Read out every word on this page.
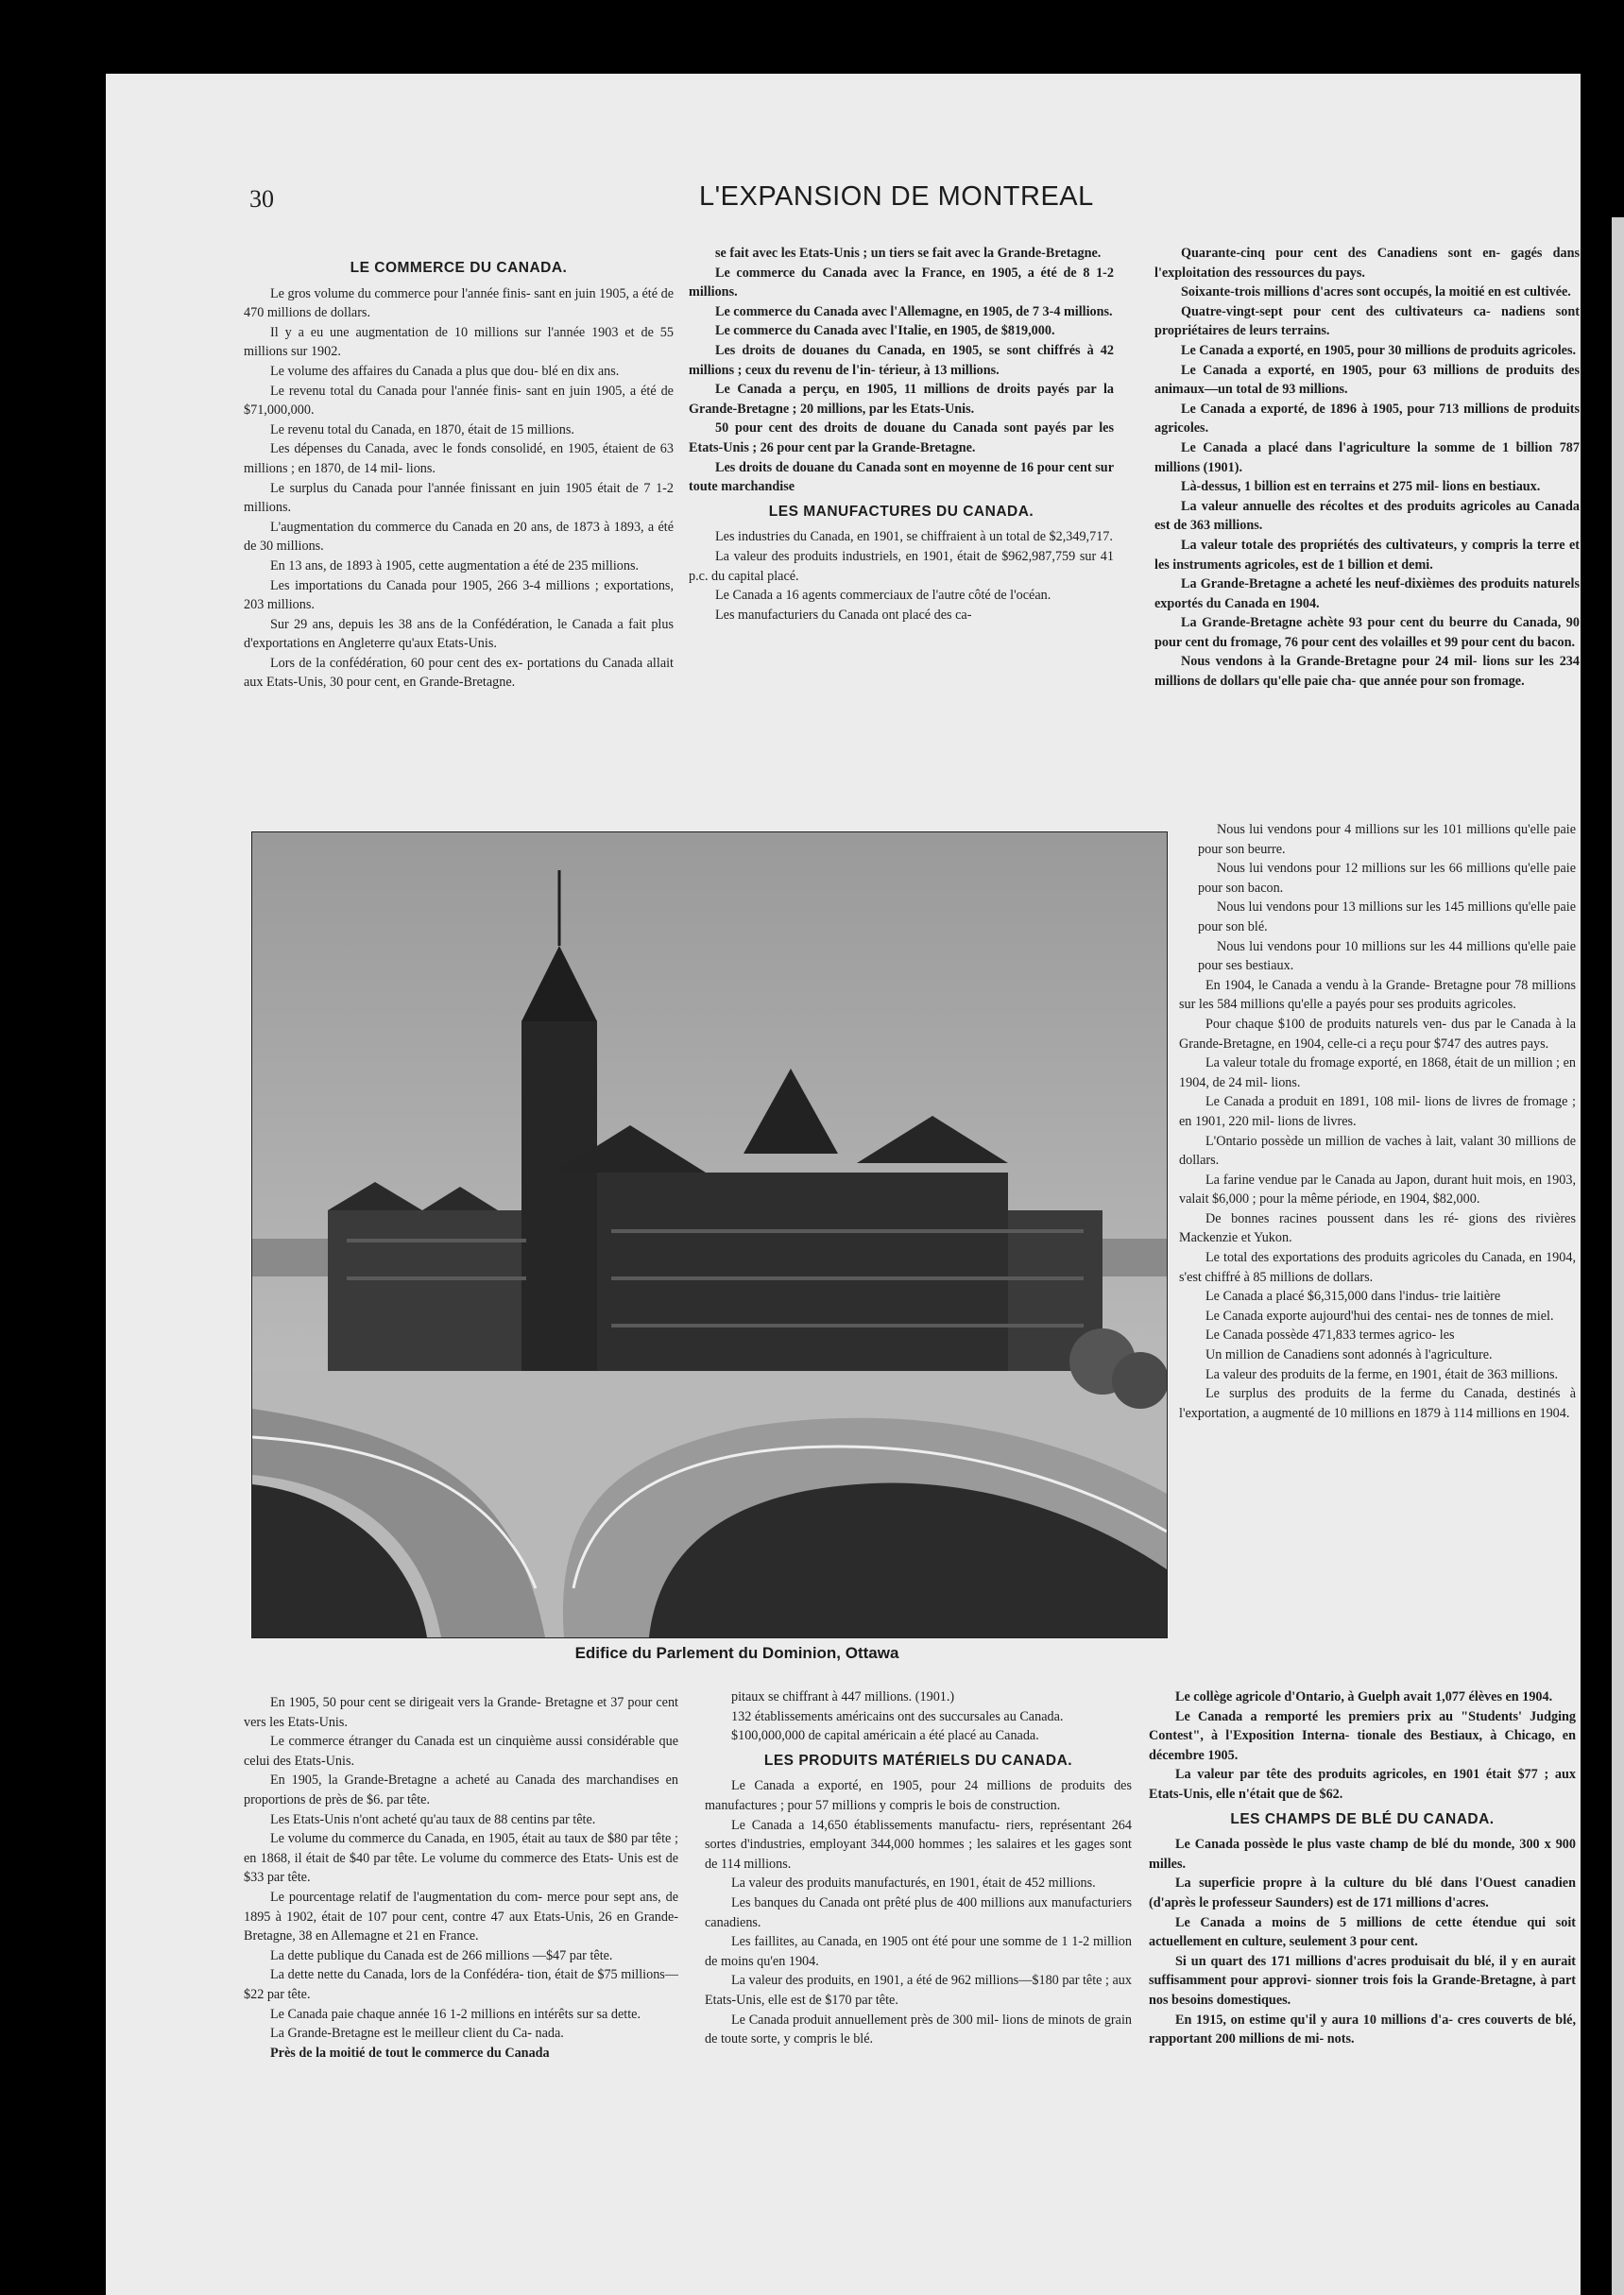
30	L'EXPANSION DE MONTREAL
LE COMMERCE DU CANADA.

Le gros volume du commerce pour l'année finis- sant en juin 1905, a été de 470 millions de dollars.

Il y a eu une augmentation de 10 millions sur l'année 1903 et de 55 millions sur 1902.

Le volume des affaires du Canada a plus que dou- blé en dix ans.

Le revenu total du Canada pour l'année finis- sant en juin 1905, a été de $71,000,000.

Le revenu total du Canada, en 1870, était de 15 millions.

Les dépenses du Canada, avec le fonds consolidé, en 1905, étaient de 63 millions ; en 1870, de 14 mil- lions.

Le surplus du Canada pour l'année finissant en juin 1905 était de 7 1-2 millions.

L'augmentation du commerce du Canada en 20 ans, de 1873 à 1893, a été de 30 millions.

En 13 ans, de 1893 à 1905, cette augmentation a été de 235 millions.

Les importations du Canada pour 1905, 266 3-4 millions ; exportations, 203 millions.

Sur 29 ans, depuis les 38 ans de la Confédération, le Canada a fait plus d'exportations en Angleterre qu'aux Etats-Unis.

Lors de la confédération, 60 pour cent des ex- portations du Canada allait aux Etats-Unis, 30 pour cent, en Grande-Bretagne.

se fait avec les Etats-Unis ; un tiers se fait avec la Grande-Bretagne.

Le commerce du Canada avec la France, en 1905, a été de 8 1-2 millions.

Le commerce du Canada avec l'Allemagne, en 1905, de 7 3-4 millions.

Le commerce du Canada avec l'Italie, en 1905, de $819,000.

Les droits de douanes du Canada, en 1905, se sont chiffrés à 42 millions ; ceux du revenu de l'in- térieur, à 13 millions.

Le Canada a perçu, en 1905, 11 millions de droits payés par la Grande-Bretagne ; 20 millions, par les Etats-Unis.

50 pour cent des droits de douane du Canada sont payés par les Etats-Unis ; 26 pour cent par la Grande-Bretagne.

Les droits de douane du Canada sont en moyenne de 16 pour cent sur toute marchandise

LES MANUFACTURES DU CANADA.

Les industries du Canada, en 1901, se chiffraient à un total de $2,349,717.

La valeur des produits industriels, en 1901, était de $962,987,759 sur 41 p.c. du capital placé.

Le Canada a 16 agents commerciaux de l'autre côté de l'océan.

Les manufacturiers du Canada ont placé des ca-

Quarante-cinq pour cent des Canadiens sont en- gagés dans l'exploitation des ressources du pays.

Soixante-trois millions d'acres sont occupés, la moitié en est cultivée.

Quatre-vingt-sept pour cent des cultivateurs ca- nadiens sont propriétaires de leurs terrains.

Le Canada a exporté, en 1905, pour 30 millions de produits agricoles.

Le Canada a exporté, en 1905, pour 63 millions de produits des animaux—un total de 93 millions.

Le Canada a exporté, de 1896 à 1905, pour 713 millions de produits agricoles.

Le Canada a placé dans l'agriculture la somme de 1 billion 787 millions (1901).

Là-dessus, 1 billion est en terrains et 275 mil- lions en bestiaux.

La valeur annuelle des récoltes et des produits agricoles au Canada est de 363 millions.

La valeur totale des propriétés des cultivateurs, y compris la terre et les instruments agricoles, est de 1 billion et demi.

La Grande-Bretagne a acheté les neuf-dixièmes des produits naturels exportés du Canada en 1904.

La Grande-Bretagne achète 93 pour cent du beurre du Canada, 90 pour cent du fromage, 76 pour cent des volailles et 99 pour cent du bacon.

Nous vendons à la Grande-Bretagne pour 24 mil- lions sur les 234 millions de dollars qu'elle paie cha- que année pour son fromage.

Nous lui vendons pour 4 millions sur les 101 millions qu'elle paie pour son beurre.

Nous lui vendons pour 12 millions sur les 66 millions qu'elle paie pour son bacon.

Nous lui vendons pour 13 millions sur les 145 millions qu'elle paie pour son blé.

Nous lui vendons pour 10 millions sur les 44 millions qu'elle paie pour ses bestiaux.

En 1904, le Canada a vendu à la Grande- Bretagne pour 78 millions sur les 584 millions qu'elle a payés pour ses produits agricoles.

Pour chaque $100 de produits naturels ven- dus par le Canada à la Grande-Bretagne, en 1904, celle-ci a reçu pour $747 des autres pays.

La valeur totale du fromage exporté, en 1868, était de un million ; en 1904, de 24 mil- lions.

Le Canada a produit en 1891, 108 mil- lions de livres de fromage ; en 1901, 220 mil- lions de livres.

L'Ontario possède un million de vaches à lait, valant 30 millions de dollars.

La farine vendue par le Canada au Japon, durant huit mois, en 1903, valait $6,000 ; pour la même période, en 1904, $82,000.

De bonnes racines poussent dans les ré- gions des rivières Mackenzie et Yukon.

Le total des exportations des produits agricoles du Canada, en 1904, s'est chiffré à 85 millions de dollars.

Le Canada a placé $6,315,000 dans l'indus- trie laitière

Le Canada exporte aujourd'hui des centai- nes de tonnes de miel.

Le Canada possède 471,833 termes agrico- les

Un million de Canadiens sont adonnés à l'agriculture.

La valeur des produits de la ferme, en 1901, était de 363 millions.

Le surplus des produits de la ferme du Canada, destinés à l'exportation, a augmenté de 10 millions en 1879 à 114 millions en 1904.

Edifice du Parlement du Dominion, Ottawa

En 1905, 50 pour cent se dirigeait vers la Grande- Bretagne et 37 pour cent vers les Etats-Unis.

Le commerce étranger du Canada est un cinquième aussi considérable que celui des Etats-Unis.

En 1905, la Grande-Bretagne a acheté au Canada des marchandises en proportions de près de $6. par tête.

Les Etats-Unis n'ont acheté qu'au taux de 88 centins par tête.

Le volume du commerce du Canada, en 1905, était au taux de $80 par tête ; en 1868, il était de $40 par tête. Le volume du commerce des Etats- Unis est de $33 par tête.

Le pourcentage relatif de l'augmentation du com- merce pour sept ans, de 1895 à 1902, était de 107 pour cent, contre 47 aux Etats-Unis, 26 en Grande- Bretagne, 38 en Allemagne et 21 en France.

La dette publique du Canada est de 266 millions —$47 par tête.

La dette nette du Canada, lors de la Confédéra- tion, était de $75 millions—$22 par tête.

Le Canada paie chaque année 16 1-2 millions en intérêts sur sa dette.

La Grande-Bretagne est le meilleur client du Ca- nada.

Près de la moitié de tout le commerce du Canada

pitaux se chiffrant à 447 millions. (1901.)

132 établissements américains ont des succursales au Canada.

$100,000,000 de capital américain a été placé au Canada.

LES PRODUITS MATÉRIELS DU CANADA.

Le Canada a exporté, en 1905, pour 24 millions de produits des manufactures ; pour 57 millions y compris le bois de construction.

Le Canada a 14,650 établissements manufactu- riers, représentant 264 sortes d'industries, employant 344,000 hommes ; les salaires et les gages sont de 114 millions.

La valeur des produits manufacturés, en 1901, était de 452 millions.

Les banques du Canada ont prêté plus de 400 millions aux manufacturiers canadiens.

Les faillites, au Canada, en 1905 ont été pour une somme de 1 1-2 million de moins qu'en 1904.

La valeur des produits, en 1901, a été de 962 millions—$180 par tête ; aux Etats-Unis, elle est de $170 par tête.

Le Canada produit annuellement près de 300 mil- lions de minots de grain de toute sorte, y compris le blé.

Le collège agricole d'Ontario, à Guelph avait 1,077 élèves en 1904.

Le Canada a remporté les premiers prix au "Students' Judging Contest", à l'Exposition Interna- tionale des Bestiaux, à Chicago, en décembre 1905.

La valeur par tête des produits agricoles, en 1901 était $77 ; aux Etats-Unis, elle n'était que de $62.

LES CHAMPS DE BLÉ DU CANADA.

Le Canada possède le plus vaste champ de blé du monde, 300 x 900 milles.

La superficie propre à la culture du blé dans l'Ouest canadien (d'après le professeur Saunders) est de 171 millions d'acres.

Le Canada a moins de 5 millions de cette étendue qui soit actuellement en culture, seulement 3 pour cent.

Si un quart des 171 millions d'acres produisait du blé, il y en aurait suffisamment pour approvi- sionner trois fois la Grande-Bretagne, à part nos besoins domestiques.

En 1915, on estime qu'il y aura 10 millions d'a- cres couverts de blé, rapportant 200 millions de mi- nots.
